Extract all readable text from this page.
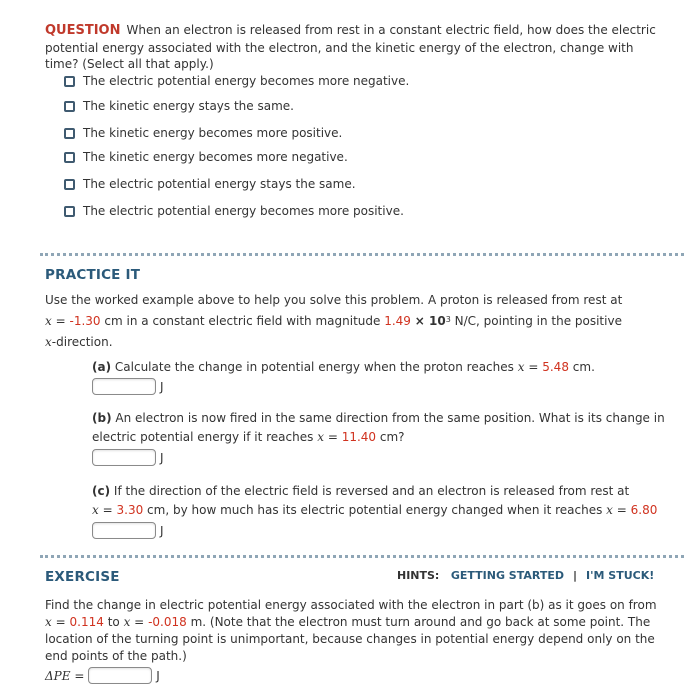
QUESTION When an electron is released from rest in a constant electric field, how does the electric potential energy associated with the electron, and the kinetic energy of the electron, change with time? (Select all that apply.)
The electric potential energy becomes more negative.
The kinetic energy stays the same.
The kinetic energy becomes more positive.
The kinetic energy becomes more negative.
The electric potential energy stays the same.
The electric potential energy becomes more positive.
PRACTICE IT
Use the worked example above to help you solve this problem. A proton is released from rest at
x = -1.30 cm in a constant electric field with magnitude $1.49 \times 10^3$ N/C, pointing in the positive
x-direction.
(a) Calculate the change in potential energy when the proton reaches x = 5.48 cm.
J
(b) An electron is now fired in the same direction from the same position. What is its change in electric potential energy if it reaches x = 11.40 cm?
J
(c) If the direction of the electric field is reversed and an electron is released from rest at
x = 3.30 cm, by how much has its electric potential energy changed when it reaches x = 6.80
J
EXERCISE	HINTS: GETTING STARTED | I'M STUCK!
Find the change in electric potential energy associated with the electron in part (b) as it goes on from
x = 0.114 to x = -0.018 m. (Note that the electron must turn around and go back at some point. The location of the turning point is unimportant, because changes in potential energy depend only on the end points of the path.)
ΔPE
=
	J
